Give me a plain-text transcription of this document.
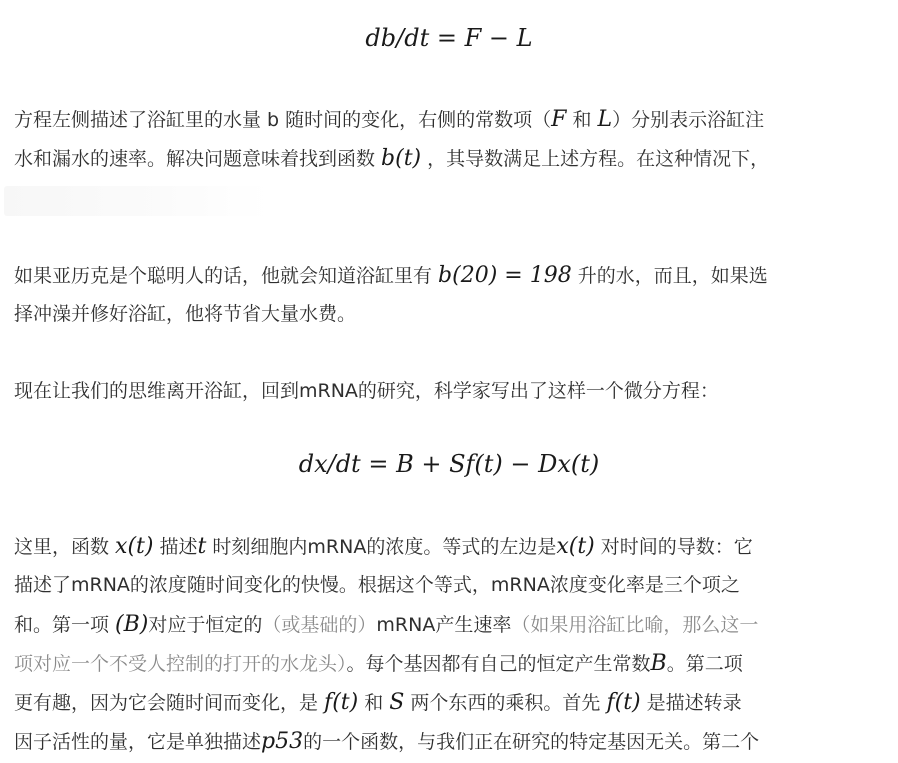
db/dt = F − L
方程左侧描述了浴缸里的水量 b 随时间的变化，右侧的常数项（F 和 L）分别表示浴缸注
水和漏水的速率。解决问题意味着找到函数 b(t) ，其导数满足上述方程。在这种情况下，
如果亚历克是个聪明人的话，他就会知道浴缸里有 b(20) = 198 升的水，而且，如果选
择冲澡并修好浴缸，他将节省大量水费。
现在让我们的思维离开浴缸，回到mRNA的研究，科学家写出了这样一个微分方程：
dx/dt = B + Sf(t) − Dx(t)
这里，函数 x(t) 描述t 时刻细胞内mRNA的浓度。等式的左边是x(t) 对时间的导数：它
描述了mRNA的浓度随时间变化的快慢。根据这个等式，mRNA浓度变化率是三个项之
和。第一项 (B)对应于恒定的（或基础的）mRNA产生速率（如果用浴缸比喻，那么这一
项对应一个不受人控制的打开的水龙头）。每个基因都有自己的恒定产生常数B。第二项
更有趣，因为它会随时间而变化，是 f(t) 和 S 两个东西的乘积。首先 f(t) 是描述转录
因子活性的量，它是单独描述p53的一个函数，与我们正在研究的特定基因无关。第二个
